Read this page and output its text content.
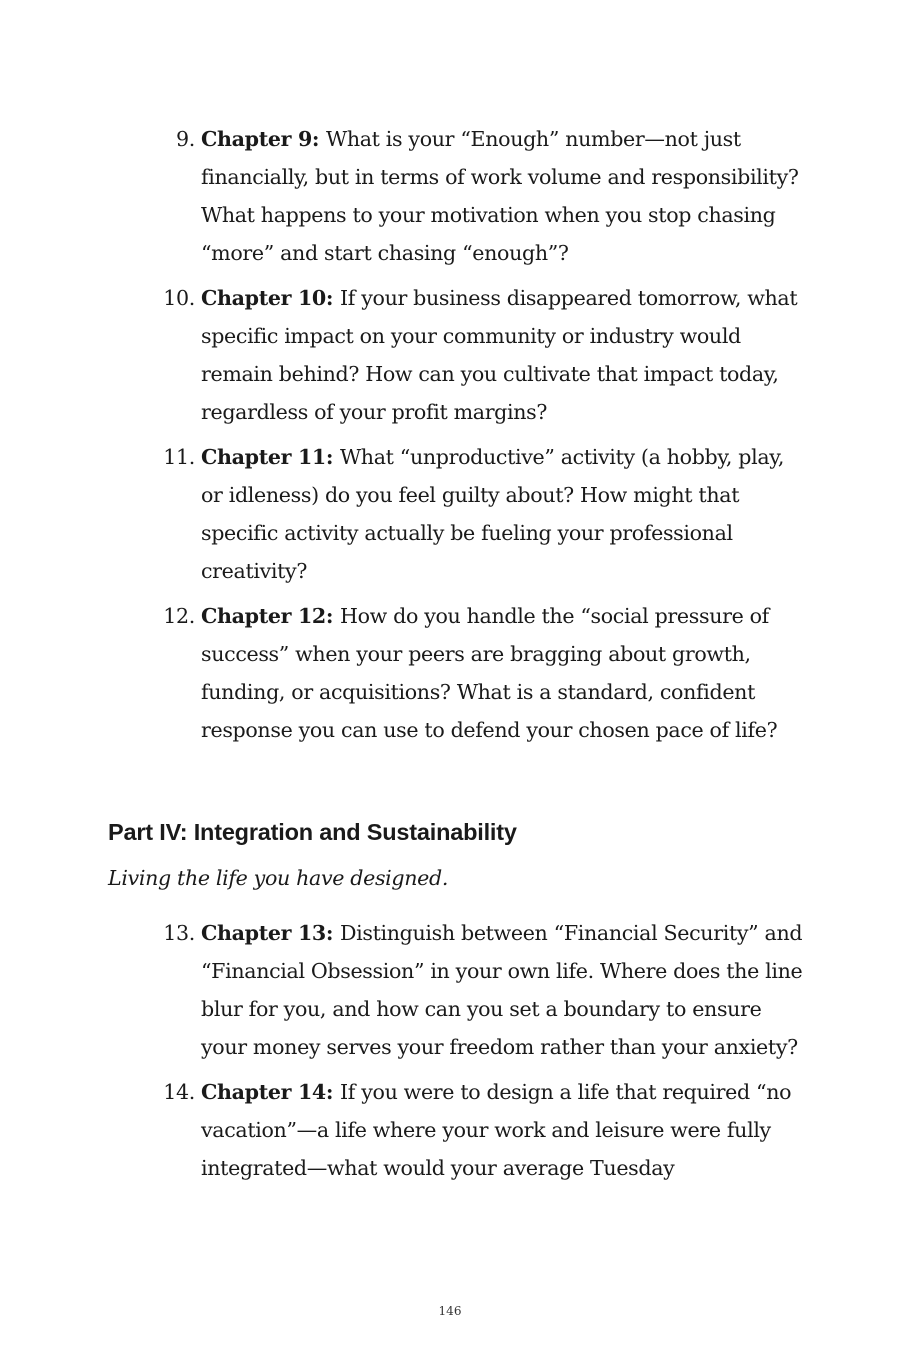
9. Chapter 9: What is your “Enough” number—not just financially, but in terms of work volume and responsibility? What happens to your motivation when you stop chasing “more” and start chasing “enough”?
10. Chapter 10: If your business disappeared tomorrow, what specific impact on your community or industry would remain behind? How can you cultivate that impact today, regardless of your profit margins?
11. Chapter 11: What “unproductive” activity (a hobby, play, or idleness) do you feel guilty about? How might that specific activity actually be fueling your professional creativity?
12. Chapter 12: How do you handle the “social pressure of success” when your peers are bragging about growth, funding, or acquisitions? What is a standard, confident response you can use to defend your chosen pace of life?
Part IV: Integration and Sustainability

Living the life you have designed.

13. Chapter 13: Distinguish between “Financial Security” and “Financial Obsession” in your own life. Where does the line blur for you, and how can you set a boundary to ensure your money serves your freedom rather than your anxiety?
14. Chapter 14: If you were to design a life that required “no vacation”—a life where your work and leisure were fully integrated—what would your average Tuesday
146
